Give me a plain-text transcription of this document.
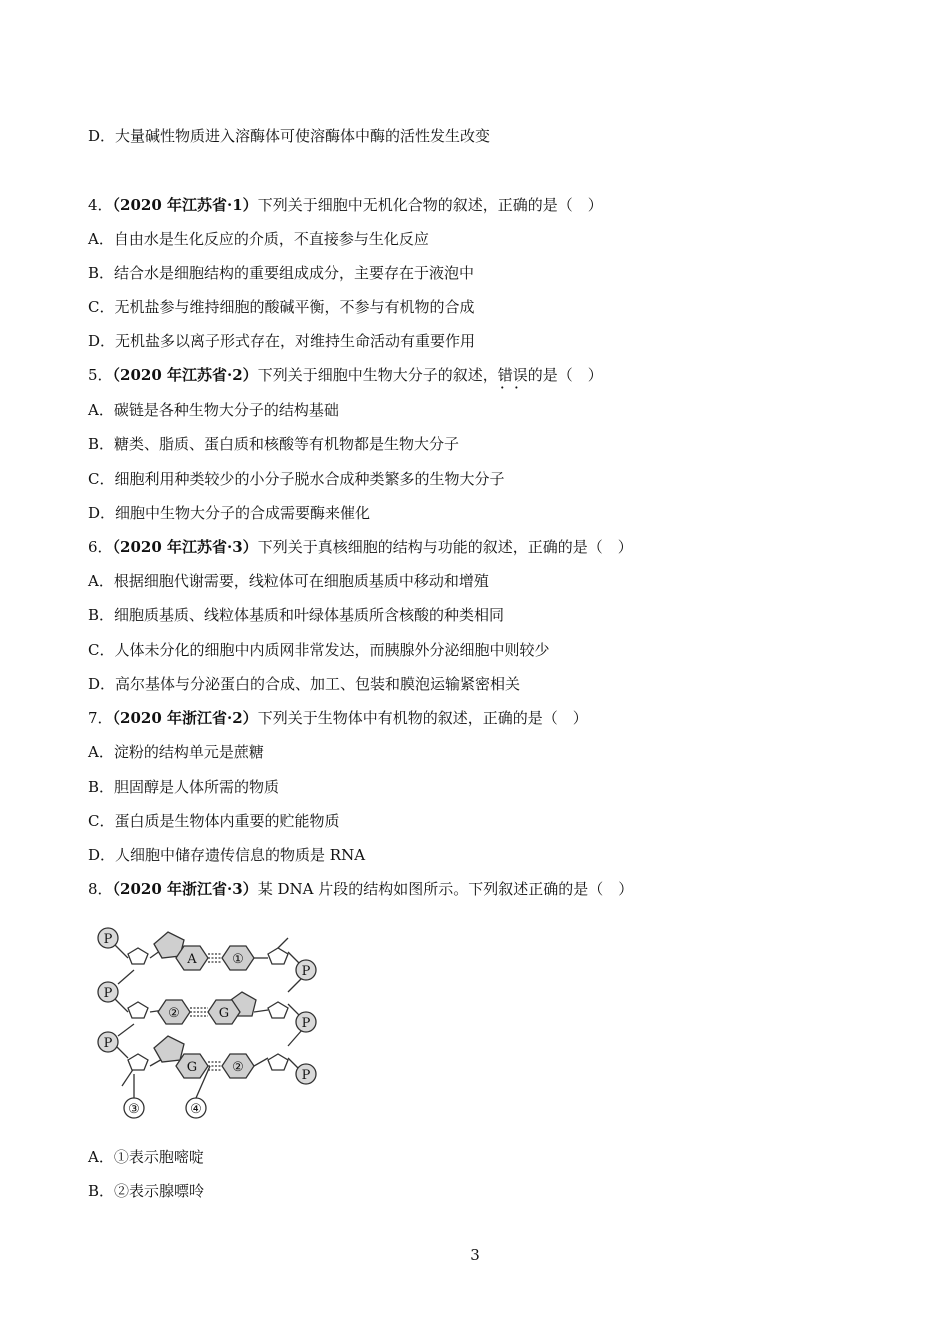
D．大量碱性物质进入溶酶体可使溶酶体中酶的活性发生改变
4．（2020 年江苏省·1）下列关于细胞中无机化合物的叙述，正确的是（　）
A．自由水是生化反应的介质，不直接参与生化反应
B．结合水是细胞结构的重要组成成分，主要存在于液泡中
C．无机盐参与维持细胞的酸碱平衡，不参与有机物的合成
D．无机盐多以离子形式存在，对维持生命活动有重要作用
5．（2020 年江苏省·2）下列关于细胞中生物大分子的叙述，错误 · ·的是（　）
A．碳链是各种生物大分子的结构基础
B．糖类、脂质、蛋白质和核酸等有机物都是生物大分子
C．细胞利用种类较少的小分子脱水合成种类繁多的生物大分子
D．细胞中生物大分子的合成需要酶来催化
6．（2020 年江苏省·3）下列关于真核细胞的结构与功能的叙述，正确的是（　）
A．根据细胞代谢需要，线粒体可在细胞质基质中移动和增殖
B．细胞质基质、线粒体基质和叶绿体基质所含核酸的种类相同
C．人体未分化的细胞中内质网非常发达，而胰腺外分泌细胞中则较少
D．高尔基体与分泌蛋白的合成、加工、包装和膜泡运输紧密相关
7．（2020 年浙江省·2）下列关于生物体中有机物的叙述，正确的是（　）
A．淀粉的结构单元是蔗糖
B．胆固醇是人体所需的物质
C．蛋白质是生物体内重要的贮能物质
D．人细胞中储存遗传信息的物质是 RNA
8．（2020 年浙江省·3）某 DNA 片段的结构如图所示。下列叙述正确的是（　）
P
P
P
P
P
P
A	①
②	G
G	②
③	④
A．①表示胞嘧啶
B．②表示腺嘌呤
3
